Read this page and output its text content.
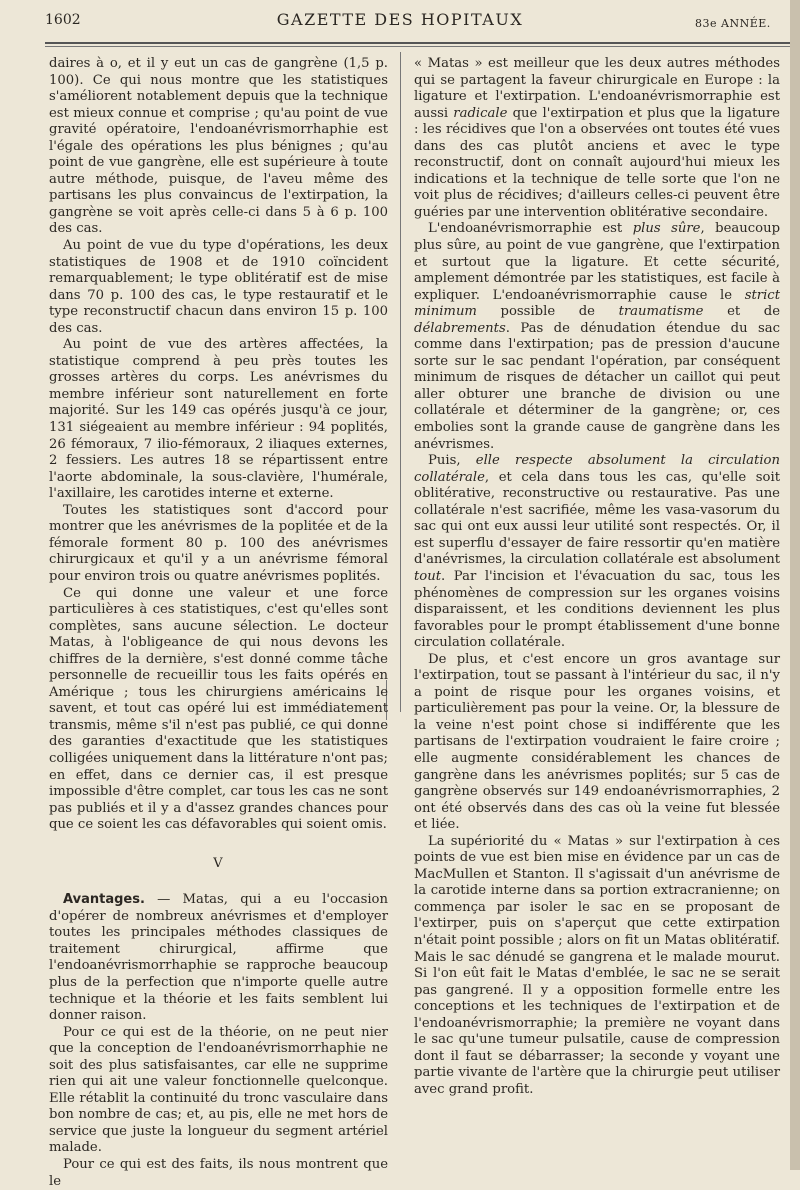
1602	GAZETTE DES HOPITAUX	83e ANNÉE.

daires à o, et il y eut un cas de gangrène (1,5 p. 100). Ce qui nous montre que les statistiques s'améliorent notablement depuis que la technique est mieux connue et comprise ; qu'au point de vue gravité opératoire, l'endoanévrismorrhaphie est l'égale des opérations les plus bénignes ; qu'au point de vue gangrène, elle est supérieure à toute autre méthode, puisque, de l'aveu même des partisans les plus convaincus de l'extirpation, la gangrène se voit après celle-ci dans 5 à 6 p. 100 des cas.

Au point de vue du type d'opérations, les deux statistiques de 1908 et de 1910 coïncident remarquablement; le type oblitératif est de mise dans 70 p. 100 des cas, le type restauratif et le type reconstructif chacun dans environ 15 p. 100 des cas.

Au point de vue des artères affectées, la statistique comprend à peu près toutes les grosses artères du corps. Les anévrismes du membre inférieur sont naturellement en forte majorité. Sur les 149 cas opérés jusqu'à ce jour, 131 siégeaient au membre inférieur : 94 poplités, 26 fémoraux, 7 ilio-fémoraux, 2 iliaques externes, 2 fessiers. Les autres 18 se répartissent entre l'aorte abdominale, la sous-clavière, l'humérale, l'axillaire, les carotides interne et externe.

Toutes les statistiques sont d'accord pour montrer que les anévrismes de la poplitée et de la fémorale forment 80 p. 100 des anévrismes chirurgicaux et qu'il y a un anévrisme fémoral pour environ trois ou quatre anévrismes poplités.

Ce qui donne une valeur et une force particulières à ces statistiques, c'est qu'elles sont complètes, sans aucune sélection. Le docteur Matas, à l'obligeance de qui nous devons les chiffres de la dernière, s'est donné comme tâche personnelle de recueillir tous les faits opérés en Amérique ; tous les chirurgiens américains le savent, et tout cas opéré lui est immédiatement transmis, même s'il n'est pas publié, ce qui donne des garanties d'exactitude que les statistiques colligées uniquement dans la littérature n'ont pas; en effet, dans ce dernier cas, il est presque impossible d'être complet, car tous les cas ne sont pas publiés et il y a d'assez grandes chances pour que ce soient les cas défavorables qui soient omis.

V

Avantages. — Matas, qui a eu l'occasion d'opérer de nombreux anévrismes et d'employer toutes les principales méthodes classiques de traitement chirurgical, affirme que l'endoanévrismorrhaphie se rapproche beaucoup plus de la perfection que n'importe quelle autre technique et la théorie et les faits semblent lui donner raison.

Pour ce qui est de la théorie, on ne peut nier que la conception de l'endoanévrismorrhaphie ne soit des plus satisfaisantes, car elle ne supprime rien qui ait une valeur fonctionnelle quelconque. Elle rétablit la continuité du tronc vasculaire dans bon nombre de cas; et, au pis, elle ne met hors de service que juste la longueur du segment artériel malade.

Pour ce qui est des faits, ils nous montrent que le

« Matas » est meilleur que les deux autres méthodes qui se partagent la faveur chirurgicale en Europe : la ligature et l'extirpation. L'endoanévrismorraphie est aussi radicale que l'extirpation et plus que la ligature : les récidives que l'on a observées ont toutes été vues dans des cas plutôt anciens et avec le type reconstructif, dont on connaît aujourd'hui mieux les indications et la technique de telle sorte que l'on ne voit plus de récidives; d'ailleurs celles-ci peuvent être guéries par une intervention oblitérative secondaire.

L'endoanévrismorraphie est plus sûre, beaucoup plus sûre, au point de vue gangrène, que l'extirpation et surtout que la ligature. Et cette sécurité, amplement démontrée par les statistiques, est facile à expliquer. L'endoanévrismorraphie cause le strict minimum possible de traumatisme et de délabrements. Pas de dénudation étendue du sac comme dans l'extirpation; pas de pression d'aucune sorte sur le sac pendant l'opération, par conséquent minimum de risques de détacher un caillot qui peut aller obturer une branche de division ou une collatérale et déterminer de la gangrène; or, ces embolies sont la grande cause de gangrène dans les anévrismes.

Puis, elle respecte absolument la circulation collatérale, et cela dans tous les cas, qu'elle soit oblitérative, reconstructive ou restaurative. Pas une collatérale n'est sacrifiée, même les vasa-vasorum du sac qui ont eux aussi leur utilité sont respectés. Or, il est superflu d'essayer de faire ressortir qu'en matière d'anévrismes, la circulation collatérale est absolument tout. Par l'incision et l'évacuation du sac, tous les phénomènes de compression sur les organes voisins disparaissent, et les conditions deviennent les plus favorables pour le prompt établissement d'une bonne circulation collatérale.

De plus, et c'est encore un gros avantage sur l'extirpation, tout se passant à l'intérieur du sac, il n'y a point de risque pour les organes voisins, et particulièrement pas pour la veine. Or, la blessure de la veine n'est point chose si indifférente que les partisans de l'extirpation voudraient le faire croire ; elle augmente considérablement les chances de gangrène dans les anévrismes poplités; sur 5 cas de gangrène observés sur 149 endoanévrismorraphies, 2 ont été observés dans des cas où la veine fut blessée et liée.

La supériorité du « Matas » sur l'extirpation à ces points de vue est bien mise en évidence par un cas de MacMullen et Stanton. Il s'agissait d'un anévrisme de la carotide interne dans sa portion extracranienne; on commença par isoler le sac en se proposant de l'extirper, puis on s'aperçut que cette extirpation n'était point possible ; alors on fit un Matas oblitératif. Mais le sac dénudé se gangrena et le malade mourut. Si l'on eût fait le Matas d'emblée, le sac ne se serait pas gangrené. Il y a opposition formelle entre les conceptions et les techniques de l'extirpation et de l'endoanévrismorraphie; la première ne voyant dans le sac qu'une tumeur pulsatile, cause de compression dont il faut se débarrasser; la seconde y voyant une partie vivante de l'artère que la chirurgie peut utiliser avec grand profit.
